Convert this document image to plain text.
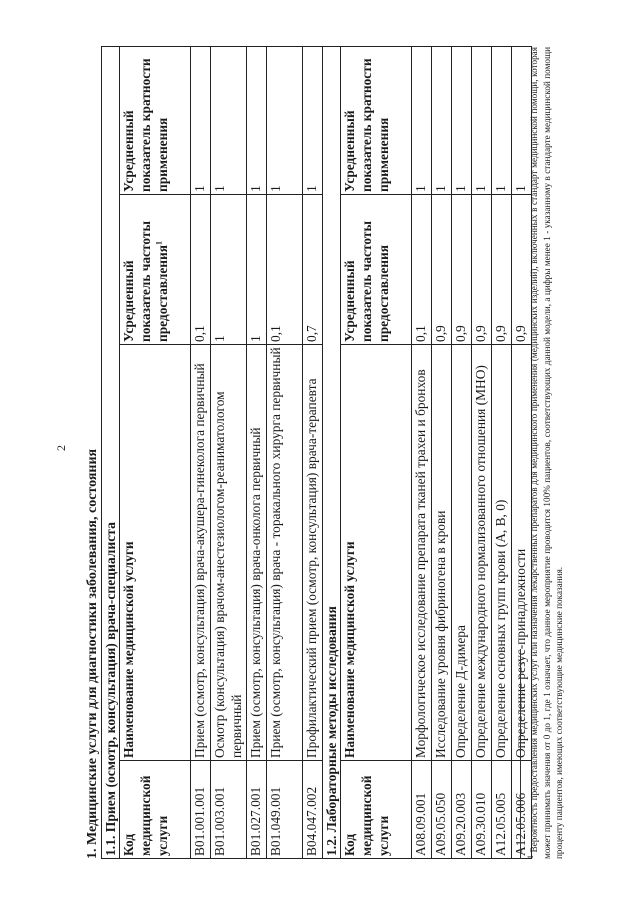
2
1. Медицинские услуги для диагностики заболевания, состояния 1.1. Прием (осмотр, консультация) врача-специалиста			
Код медицинской услуги	Наименование медицинской услуги	Усредненный показатель частоты предоставления$^1$	Усредненный показатель кратности применения
B01.001.001	Прием (осмотр, консультация) врача-акушера-гинеколога первичный	0,1	1
B01.003.001	Осмотр (консультация) врачом-анестезиологом-реаниматологом первичный	1	1
B01.027.001	Прием (осмотр, консультация) врача-онколога первичный	1	1
B01.049.001	Прием (осмотр, консультация) врача - торакального хирурга первичный	0,1	1
B04.047.002	Профилактический прием (осмотр, консультация) врача-терапевта	0,7	1
1.2. Лабораторные методы исследования			
Код медицинской услуги	Наименование медицинской услуги	Усредненный показатель частоты предоставления	Усредненный показатель кратности применения
A08.09.001	Морфологическое исследование препарата тканей трахеи и бронхов	0,1	1
A09.05.050	Исследование уровня фибриногена в крови	0,9	1
A09.20.003	Определение Д-димера	0,9	1
A09.30.010	Определение международного нормализованного отношения (МНО)	0,9	1
A12.05.005	Определение основных групп крови (А, В, 0)	0,9	1
A12.05.006	Определение резус-принадлежности	0,9	1
$^1$ Вероятность предоставления медицинских услуг или назначения лекарственных препаратов для медицинского применения (медицинских изделий), включенных в стандарт медицинской помощи, которая может принимать значения от 0 до 1, где 1 означает, что данное мероприятие проводится 100% пациентов, соответствующих данной модели, а цифры менее 1 - указанному в стандарте медицинской помощи проценту пациентов, имеющих соответствующие медицинские показания.
